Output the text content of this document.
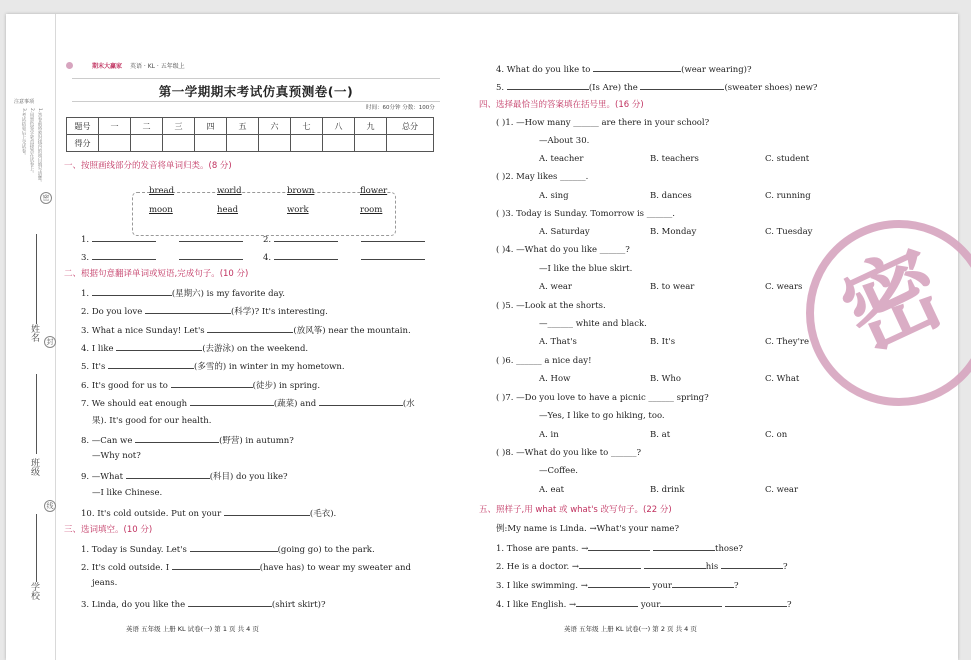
注意事项
1.答卷前将密封线内的项目填写清楚。
2.用黑色签字笔直接答在试卷上。
3.考试结束后上交试卷。
密
封
线
姓名
班级
学校
期末大赢家 英语 · KL · 五年级上
第一学期期末考试仿真预测卷(一)
时间：60分钟 分数：100分
题号	一	二	三	四	五	六	七	八	九	总分
得分										
一、按照画线部分的发音将单词归类。(8 分)
bread	world	brown	flower
moon	head	work	room
1.	2.
3.	4.
二、根据句意翻译单词或短语,完成句子。(10 分)
1.	(星期六) is my favorite day.
2. Do you love	(科学)? It's interesting.
3. What a nice Sunday! Let's	(放风筝) near the mountain.
4. I like	(去游泳) on the weekend.
5. It's	(多雪的) in winter in my hometown.
6. It's good for us to	(徒步) in spring.
7. We should eat enough	(蔬菜) and	(水
果). It's good for our health.
8. —Can we	(野营) in autumn?
—Why not?
9. —What	(科目) do you like?
—I like Chinese.
10. It's cold outside. Put on your	(毛衣).
三、选词填空。(10 分)
1. Today is Sunday. Let's	(going go) to the park.
2. It's cold outside. I	(have has) to wear my sweater and
jeans.
3. Linda, do you like the	(shirt skirt)?
英语 五年级 上册 KL 试卷(一) 第 1 页 共 4 页
4. What do you like to	(wear wearing)?
5.	(Is Are) the	(sweater shoes) new?
四、选择最恰当的答案填在括号里。(16 分)
( )1. —How many ______ are there in your school?
—About 30.
A. teacher	B. teachers	C. student
( )2. May likes ______.
A. sing	B. dances	C. running
( )3. Today is Sunday. Tomorrow is ______.
A. Saturday	B. Monday	C. Tuesday
( )4. —What do you like ______?
—I like the blue skirt.
A. wear	B. to wear	C. wears
( )5. —Look at the shorts.
—______ white and black.
A. That's	B. It's	C. They're
( )6. ______ a nice day!
A. How	B. Who	C. What
( )7. —Do you love to have a picnic ______ spring?
—Yes, I like to go hiking, too.
A. in	B. at	C. on
( )8. —What do you like to ______?
—Coffee.
A. eat	B. drink	C. wear
五、照样子,用 what 或 what's 改写句子。(22 分)
例:My name is Linda. →What's your name?
1. Those are pants. →	those?
2. He is a doctor. →	his	?
3. I like swimming. →	your	?
4. I like English. →	your	?
英语 五年级 上册 KL 试卷(一) 第 2 页 共 4 页
密
